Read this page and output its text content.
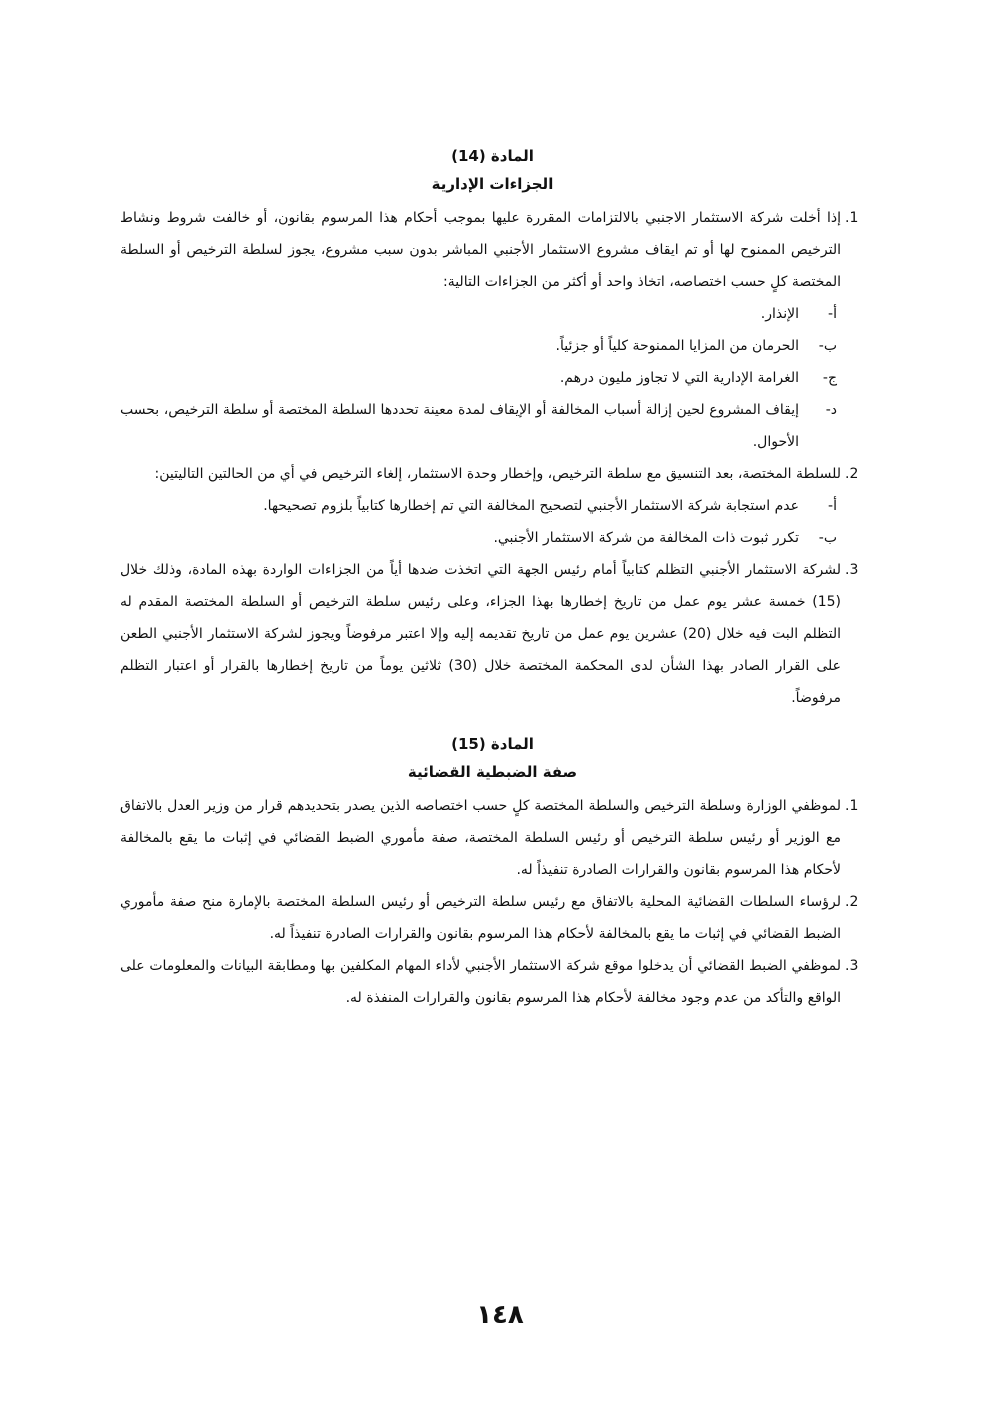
المادة (14)

الجزاءات الإدارية

1.
إذا أخلت شركة الاستثمار الاجنبي بالالتزامات المقررة عليها بموجب أحكام هذا المرسوم بقانون، أو خالفت شروط ونشاط الترخيص الممنوح لها أو تم ايقاف مشروع الاستثمار الأجنبي المباشر بدون سبب مشروع، يجوز لسلطة الترخيص أو السلطة المختصة كلٍ حسب اختصاصه، اتخاذ واحد أو أكثر من الجزاءات التالية:
أ-
الإنذار.
ب-
الحرمان من المزايا الممنوحة كلياً أو جزئياً.
ج-
الغرامة الإدارية التي لا تجاوز مليون درهم.
د-
إيقاف المشروع لحين إزالة أسباب المخالفة أو الإيقاف لمدة معينة تحددها السلطة المختصة أو سلطة الترخيص، بحسب الأحوال.
2.
للسلطة المختصة، بعد التنسيق مع سلطة الترخيص، وإخطار وحدة الاستثمار، إلغاء الترخيص في أي من الحالتين التاليتين:
أ-
عدم استجابة شركة الاستثمار الأجنبي لتصحيح المخالفة التي تم إخطارها كتابياً بلزوم تصحيحها.
ب-
تكرر ثبوت ذات المخالفة من شركة الاستثمار الأجنبي.
3.
لشركة الاستثمار الأجنبي التظلم كتابياً أمام رئيس الجهة التي اتخذت ضدها أياً من الجزاءات الواردة بهذه المادة، وذلك خلال (15) خمسة عشر يوم عمل من تاريخ إخطارها بهذا الجزاء، وعلى رئيس سلطة الترخيص أو السلطة المختصة المقدم له التظلم البت فيه خلال (20) عشرين يوم عمل من تاريخ تقديمه إليه وإلا اعتبر مرفوضاً ويجوز لشركة الاستثمار الأجنبي الطعن على القرار الصادر بهذا الشأن لدى المحكمة المختصة خلال (30) ثلاثين يوماً من تاريخ إخطارها بالقرار أو اعتبار التظلم مرفوضاً.

المادة (15)

صفة الضبطية القضائية

1.
لموظفي الوزارة وسلطة الترخيص والسلطة المختصة كلٍ حسب اختصاصه الذين يصدر بتحديدهم قرار من وزير العدل بالاتفاق مع الوزير أو رئيس سلطة الترخيص أو رئيس السلطة المختصة، صفة مأموري الضبط القضائي في إثبات ما يقع بالمخالفة لأحكام هذا المرسوم بقانون والقرارات الصادرة تنفيذاً له.
2.
لرؤساء السلطات القضائية المحلية بالاتفاق مع رئيس سلطة الترخيص أو رئيس السلطة المختصة بالإمارة منح صفة مأموري الضبط القضائي في إثبات ما يقع بالمخالفة لأحكام هذا المرسوم بقانون والقرارات الصادرة تنفيذاً له.
3.
لموظفي الضبط القضائي أن يدخلوا موقع شركة الاستثمار الأجنبي لأداء المهام المكلفين بها ومطابقة البيانات والمعلومات على الواقع والتأكد من عدم وجود مخالفة لأحكام هذا المرسوم بقانون والقرارات المنفذة له.
١٤٨
